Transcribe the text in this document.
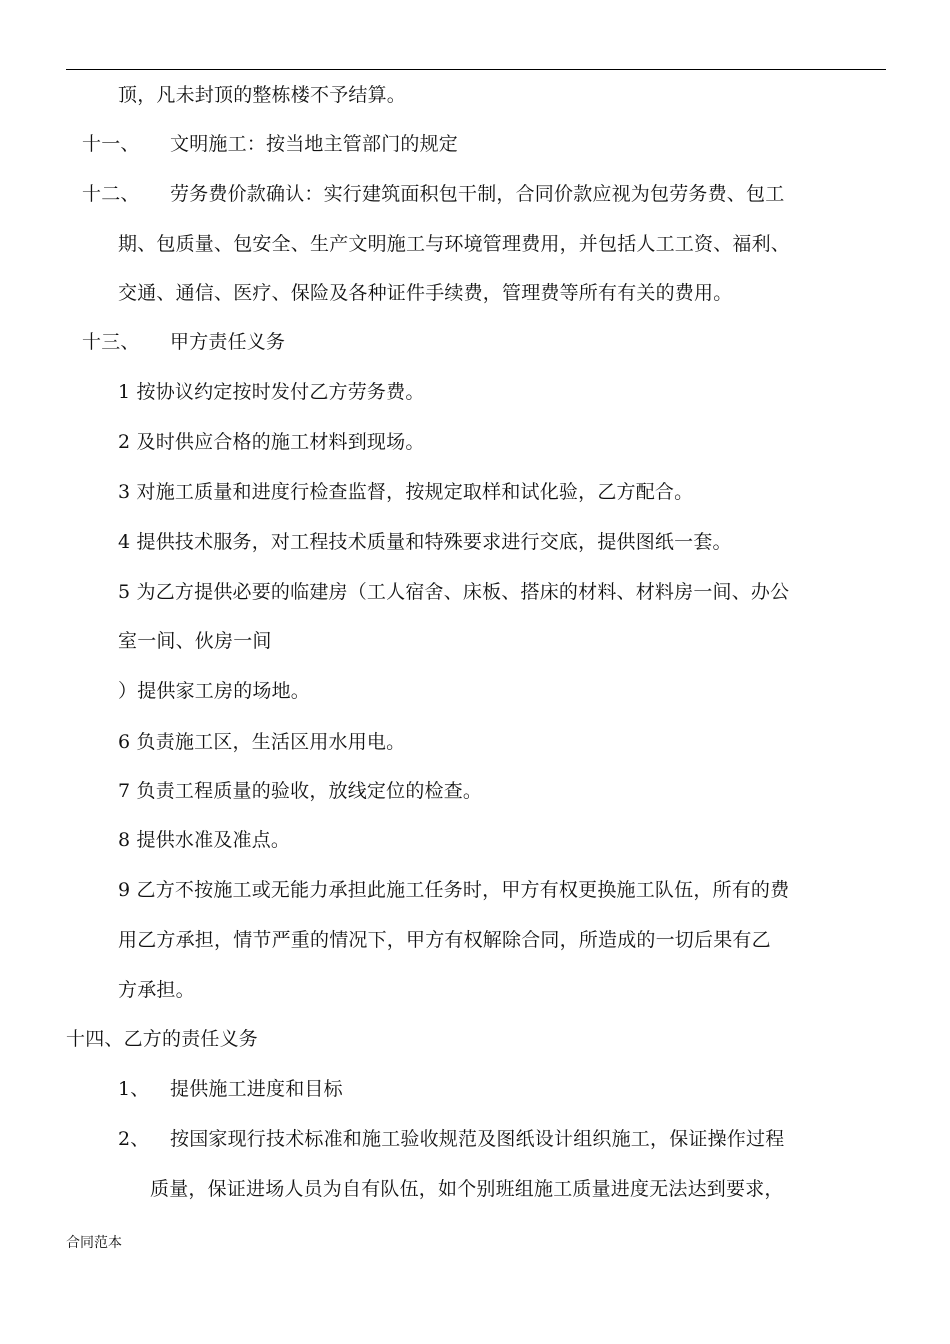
顶，凡未封顶的整栋楼不予结算。
十一、 文明施工：按当地主管部门的规定
十二、 劳务费价款确认：实行建筑面积包干制，合同价款应视为包劳务费、包工
期、包质量、包安全、生产文明施工与环境管理费用，并包括人工工资、福利、
交通、通信、医疗、保险及各种证件手续费，管理费等所有有关的费用。
十三、 甲方责任义务
1 按协议约定按时发付乙方劳务费。
2 及时供应合格的施工材料到现场。
3 对施工质量和进度行检查监督，按规定取样和试化验，乙方配合。
4 提供技术服务，对工程技术质量和特殊要求进行交底，提供图纸一套。
5 为乙方提供必要的临建房（工人宿舍、床板、搭床的材料、材料房一间、办公
室一间、伙房一间
）提供家工房的场地。
6 负责施工区，生活区用水用电。
7 负责工程质量的验收，放线定位的检查。
8 提供水准及准点。
9 乙方不按施工或无能力承担此施工任务时，甲方有权更换施工队伍，所有的费
用乙方承担，情节严重的情况下，甲方有权解除合同，所造成的一切后果有乙
方承担。
十四、乙方的责任义务
1、 提供施工进度和目标
2、 按国家现行技术标准和施工验收规范及图纸设计组织施工，保证操作过程
质量，保证进场人员为自有队伍，如个别班组施工质量进度无法达到要求，
合同范本
